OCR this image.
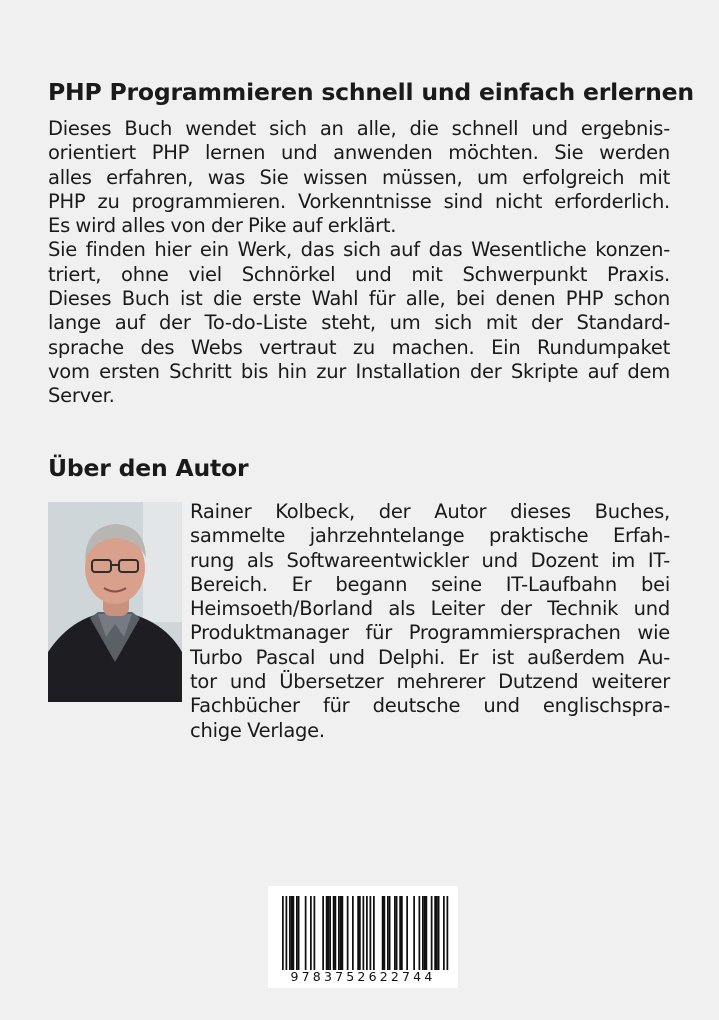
PHP Programmieren schnell und einfach erlernen

Dieses Buch wendet sich an alle, die schnell und ergebnis-
orientiert PHP lernen und anwenden möchten. Sie werden
alles erfahren, was Sie wissen müssen, um erfolgreich mit
PHP zu programmieren. Vorkenntnisse sind nicht erforderlich.
Es wird alles von der Pike auf erklärt.
Sie finden hier ein Werk, das sich auf das Wesentliche konzen-
triert, ohne viel Schnörkel und mit Schwerpunkt Praxis.
Dieses Buch ist die erste Wahl für alle, bei denen PHP schon
lange auf der To-do-Liste steht, um sich mit der Standard-
sprache des Webs vertraut zu machen. Ein Rundumpaket
vom ersten Schritt bis hin zur Installation der Skripte auf dem
Server.

Über den Autor

Rainer Kolbeck, der Autor dieses Buches,
sammelte jahrzehntelange praktische Erfah-
rung als Softwareentwickler und Dozent im IT-
Bereich. Er begann seine IT-Laufbahn bei
Heimsoeth/Borland als Leiter der Technik und
Produktmanager für Programmiersprachen wie
Turbo Pascal und Delphi. Er ist außerdem Au-
tor und Übersetzer mehrerer Dutzend weiterer
Fachbücher für deutsche und englischspra-
chige Verlage.

9783752622744
